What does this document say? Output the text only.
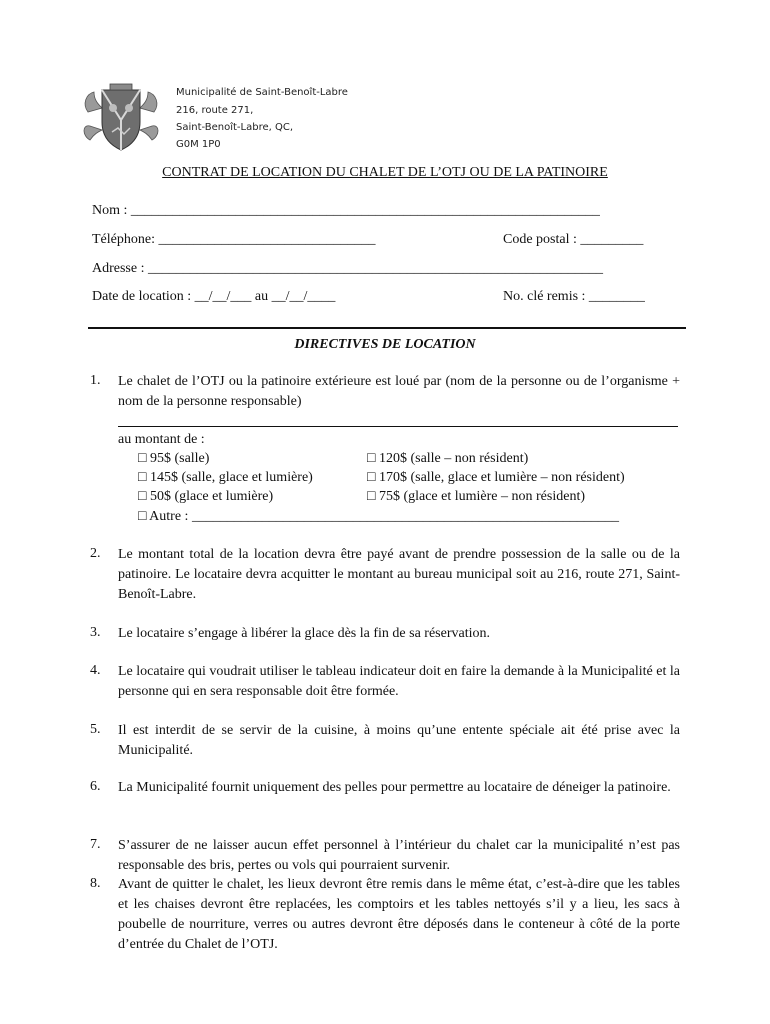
Municipalité de Saint-Benoît-Labre
216, route 271,
Saint-Benoît-Labre, QC,
G0M 1P0
CONTRAT DE LOCATION DU CHALET DE L’OTJ OU DE LA PATINOIRE
Nom : ___________________________________________________________________
Téléphone: _______________________________	Code postal : _________
Adresse : _________________________________________________________________
Date de location : __/__/___ au __/__/____	No. clé remis : ________
DIRECTIVES DE LOCATION
1. Le chalet de l’OTJ ou la patinoire extérieure est loué par (nom de la personne ou de l’organisme + nom de la personne responsable)
au montant de :
□ 95$ (salle)
□ 145$ (salle, glace et lumière)
□ 50$ (glace et lumière)
□ 120$ (salle – non résident)
□ 170$ (salle, glace et lumière – non résident)
□ 75$ (glace et lumière – non résident)
□ Autre : _____________________________________________________________
2. Le montant total de la location devra être payé avant de prendre possession de la salle ou de la patinoire. Le locataire devra acquitter le montant au bureau municipal soit au 216, route 271, Saint-Benoît-Labre.
3. Le locataire s’engage à libérer la glace dès la fin de sa réservation.
4. Le locataire qui voudrait utiliser le tableau indicateur doit en faire la demande à la Municipalité et la personne qui en sera responsable doit être formée.
5. Il est interdit de se servir de la cuisine, à moins qu’une entente spéciale ait été prise avec la Municipalité.
6. La Municipalité fournit uniquement des pelles pour permettre au locataire de déneiger la patinoire.
7. S’assurer de ne laisser aucun effet personnel à l’intérieur du chalet car la municipalité n’est pas responsable des bris, pertes ou vols qui pourraient survenir.
8. Avant de quitter le chalet, les lieux devront être remis dans le même état, c’est-à-dire que les tables et les chaises devront être replacées, les comptoirs et les tables nettoyés s’il y a lieu, les sacs à poubelle de nourriture, verres ou autres devront être déposés dans le conteneur à côté de la porte d’entrée du Chalet de l’OTJ.
